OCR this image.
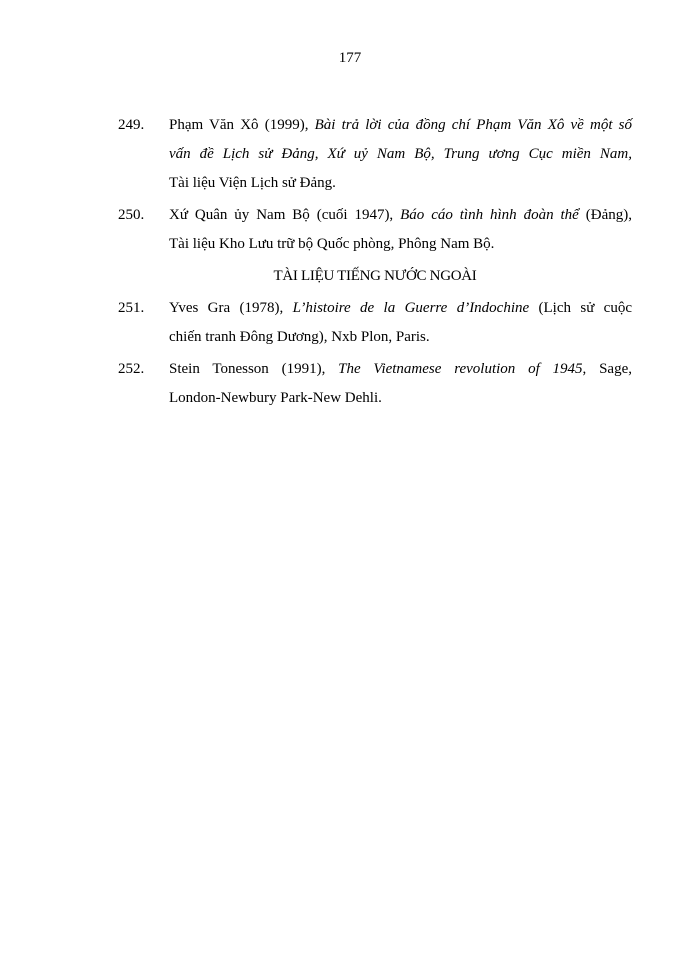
177
249. Phạm Văn Xô (1999), Bài trả lời của đồng chí Phạm Văn Xô về một số
vấn đề Lịch sử Đảng, Xứ uỷ Nam Bộ, Trung ương Cục miền Nam,
Tài liệu Viện Lịch sử Đảng.
250. Xứ Quân ủy Nam Bộ (cuối 1947), Báo cáo tình hình đoàn thể (Đảng),
Tài liệu Kho Lưu trữ bộ Quốc phòng, Phông Nam Bộ.
TÀI LIỆU TIẾNG NƯỚC NGOÀI
251. Yves Gra (1978), L’histoire de la Guerre d’Indochine (Lịch sử cuộc
chiến tranh Đông Dương), Nxb Plon, Paris.
252. Stein Tonesson (1991), The Vietnamese revolution of 1945, Sage,
London-Newbury Park-New Dehli.
